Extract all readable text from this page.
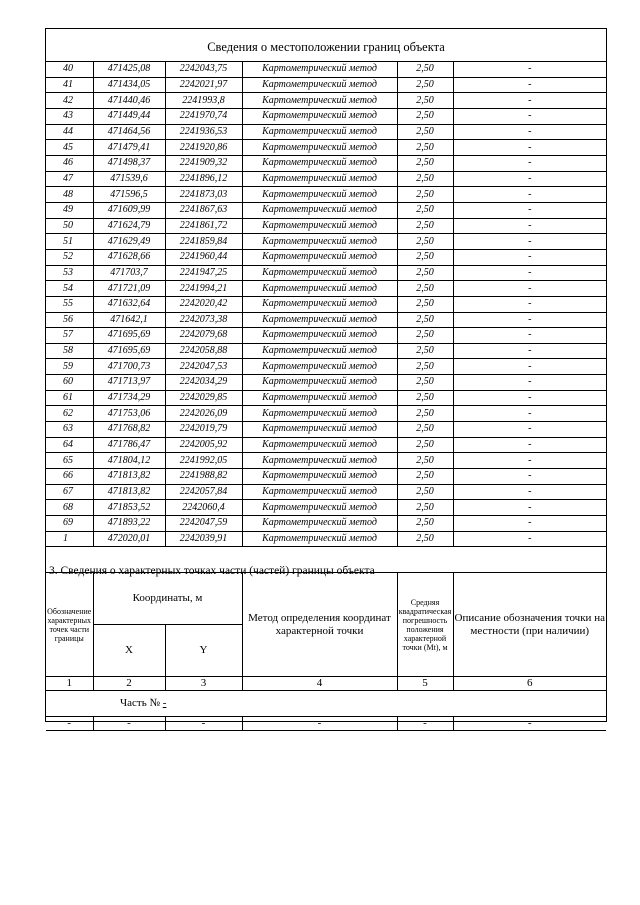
Сведения о местоположении границ объекта
40	471425,08	2242043,75	Картометрический метод	2,50	-
41	471434,05	2242021,97	Картометрический метод	2,50	-
42	471440,46	2241993,8	Картометрический метод	2,50	-
43	471449,44	2241970,74	Картометрический метод	2,50	-
44	471464,56	2241936,53	Картометрический метод	2,50	-
45	471479,41	2241920,86	Картометрический метод	2,50	-
46	471498,37	2241909,32	Картометрический метод	2,50	-
47	471539,6	2241896,12	Картометрический метод	2,50	-
48	471596,5	2241873,03	Картометрический метод	2,50	-
49	471609,99	2241867,63	Картометрический метод	2,50	-
50	471624,79	2241861,72	Картометрический метод	2,50	-
51	471629,49	2241859,84	Картометрический метод	2,50	-
52	471628,66	2241960,44	Картометрический метод	2,50	-
53	471703,7	2241947,25	Картометрический метод	2,50	-
54	471721,09	2241994,21	Картометрический метод	2,50	-
55	471632,64	2242020,42	Картометрический метод	2,50	-
56	471642,1	2242073,38	Картометрический метод	2,50	-
57	471695,69	2242079,68	Картометрический метод	2,50	-
58	471695,69	2242058,88	Картометрический метод	2,50	-
59	471700,73	2242047,53	Картометрический метод	2,50	-
60	471713,97	2242034,29	Картометрический метод	2,50	-
61	471734,29	2242029,85	Картометрический метод	2,50	-
62	471753,06	2242026,09	Картометрический метод	2,50	-
63	471768,82	2242019,79	Картометрический метод	2,50	-
64	471786,47	2242005,92	Картометрический метод	2,50	-
65	471804,12	2241992,05	Картометрический метод	2,50	-
66	471813,82	2241988,82	Картометрический метод	2,50	-
67	471813,82	2242057,84	Картометрический метод	2,50	-
68	471853,52	2242060,4	Картометрический метод	2,50	-
69	471893,22	2242047,59	Картометрический метод	2,50	-
1	472020,01	2242039,91	Картометрический метод	2,50	-
3. Сведения о характерных точках части (частей) границы объекта
Обозначение характерных точек части границы	Координаты, м		Метод определения координат характерной точки	Средняя квадратическая погрешность положения характерной точки (Mt), м	Описание обозначения точки на местности (при наличии)
	X	Y			
1	2	3	4	5	6
Часть № -					
-	-	-	-	-	-
